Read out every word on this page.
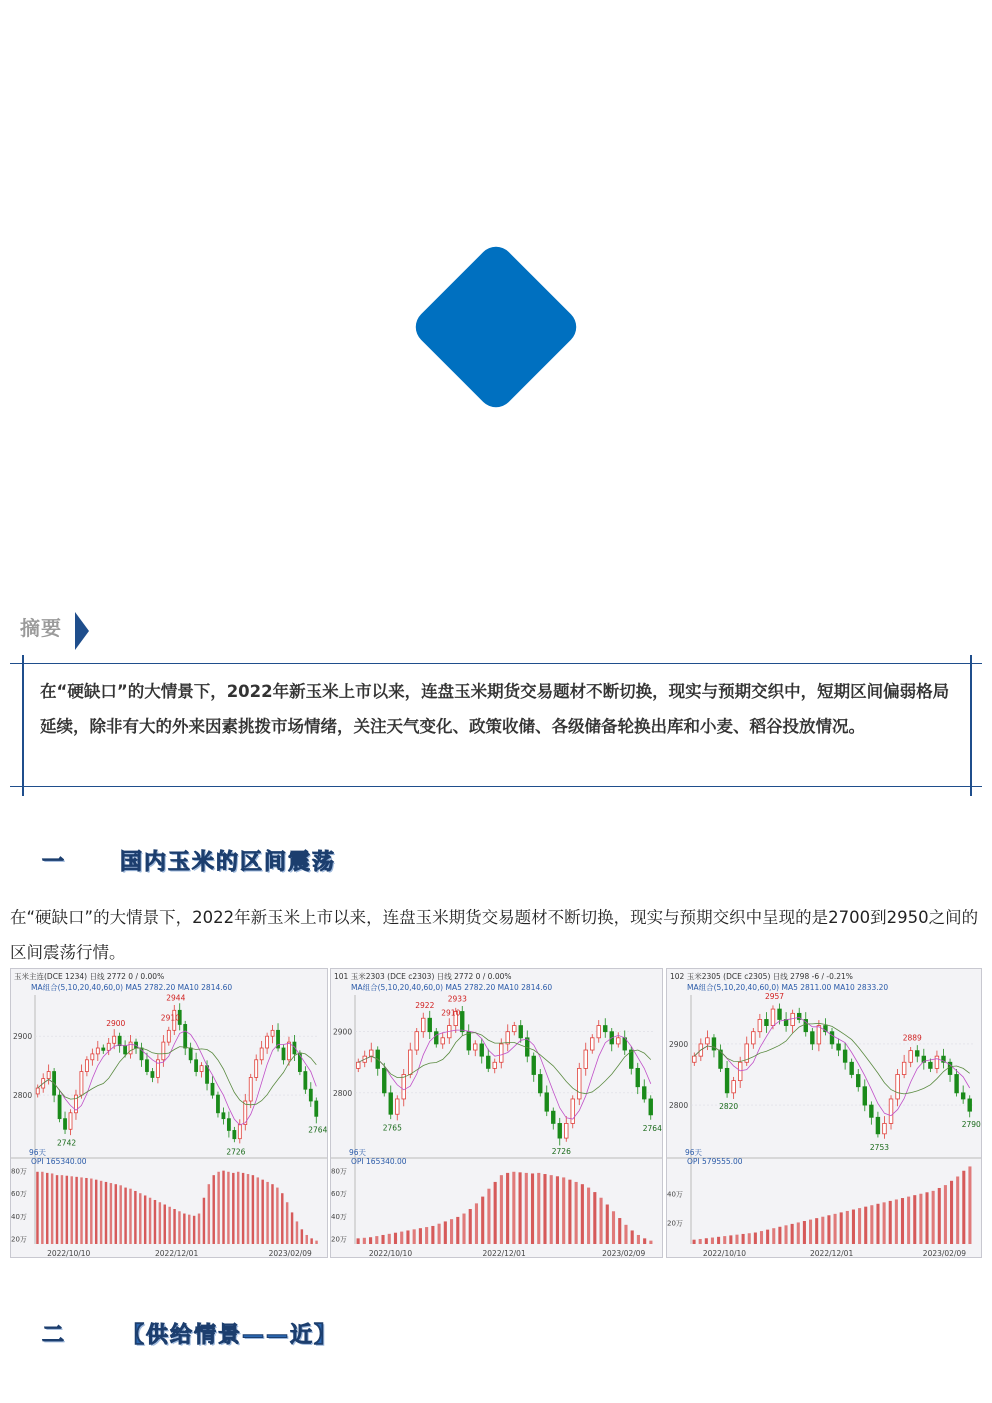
摘要
在“硬缺口”的大情景下，2022年新玉米上市以来，连盘玉米期货交易题材不断切换，现实与预期交织中，短期区间偏弱格局延续，除非有大的外来因素挑拨市场情绪，关注天气变化、政策收储、各级储备轮换出库和小麦、稻谷投放情况。
一 国内玉米的区间震荡
在“硬缺口”的大情景下，2022年新玉米上市以来，连盘玉米期货交易题材不断切换，现实与预期交织中呈现的是2700到2950之间的区间震荡行情。
玉米主连(DCE 1234) 日线 2772 0 / 0.00%
MA组合(5,10,20,40,60,0) MA5 2782.20 MA10 2814.60
2900
2800
2944
2900
2910
2742
2726
2764
96天
OPI 165340.00
80万
60万
40万
20万
2022/10/10	2022/12/01	2023/02/09
101 玉米2303 (DCE c2303) 日线 2772 0 / 0.00%
MA组合(5,10,20,40,60,0) MA5 2782.20 MA10 2814.60
2900
2800
2922
2933
2910
2765
2726
2764
96天
OPI 165340.00
80万
60万
40万
20万
2022/10/10	2022/12/01	2023/02/09
102 玉米2305 (DCE c2305) 日线 2798 -6 / -0.21%
MA组合(5,10,20,40,60,0) MA5 2811.00 MA10 2833.20
2900
2800
2957
2820
2889
2753
2790
96天
OPI 579555.00
40万
20万
2022/10/10	2022/12/01	2023/02/09
二	【供给情景——近】
